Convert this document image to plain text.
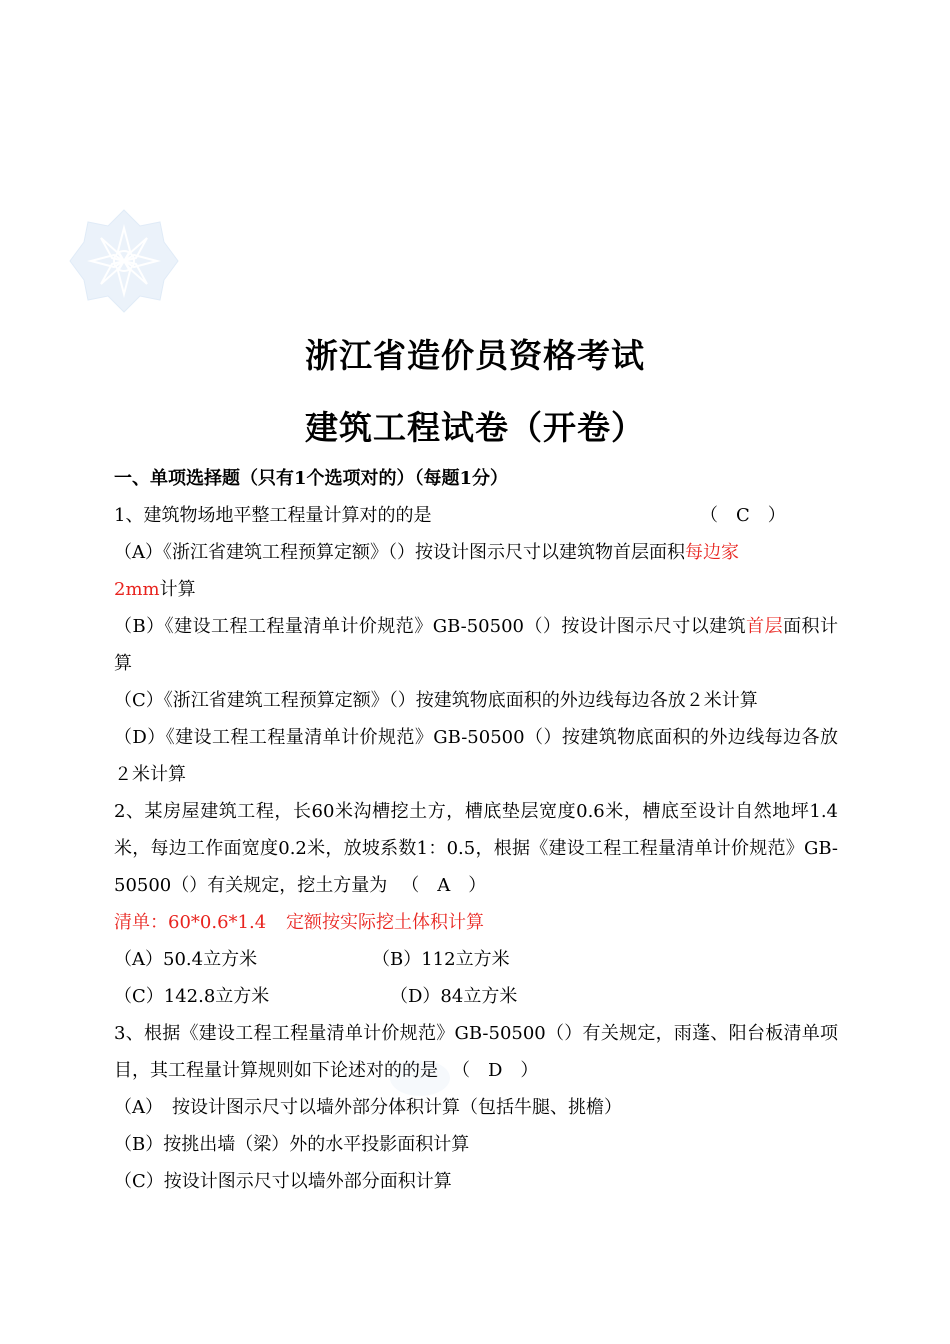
浙江省造价员资格考试
建筑工程试卷（开卷）
一、单项选择题（只有1个选项对的）（每题1分）
1、建筑物场地平整工程量计算对的的是	（　C　）
（A）《浙江省建筑工程预算定额》（）按设计图示尺寸以建筑物首层面积每边家
2mm计算
（B）《建设工程工程量清单计价规范》GB-50500（）按设计图示尺寸以建筑首层面积计算
（C）《浙江省建筑工程预算定额》（）按建筑物底面积的外边线每边各放２米计算
（D）《建设工程工程量清单计价规范》GB-50500（）按建筑物底面积的外边线每边各放２米计算
2、某房屋建筑工程，长60米沟槽挖土方，槽底垫层宽度0.6米，槽底至设计自然地坪1.4米，每边工作面宽度0.2米，放坡系数1：0.5，根据《建设工程工程量清单计价规范》GB-50500（）有关规定，挖土方量为 （　A　）
清单：60*0.6*1.4 定额按实际挖土体积计算
（A）50.4立方米	（B）112立方米
（C）142.8立方米	（D）84立方米
3、根据《建设工程工程量清单计价规范》GB-50500（）有关规定，雨蓬、阳台板清单项目，其工程量计算规则如下论述对的的是 （　D　）
（A）　按设计图示尺寸以墙外部分体积计算（包括牛腿、挑檐）
（B）按挑出墙（梁）外的水平投影面积计算
（C）按设计图示尺寸以墙外部分面积计算
